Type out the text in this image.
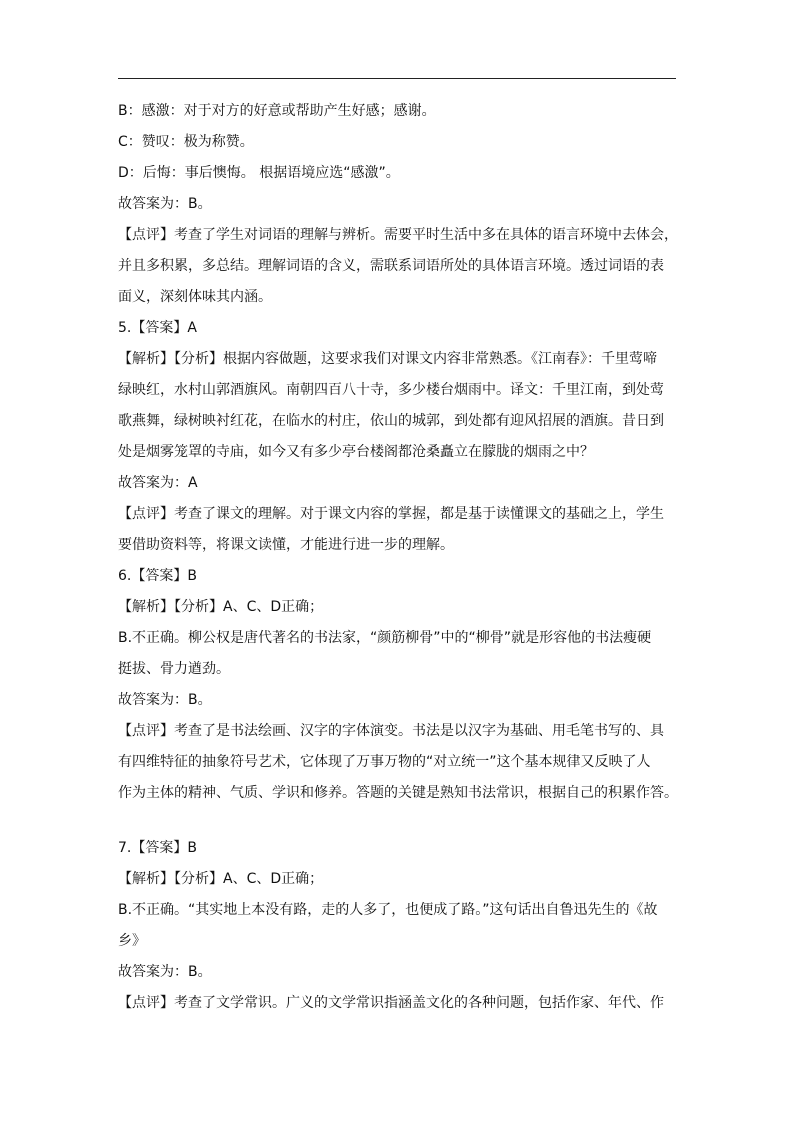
B：感激：对于对方的好意或帮助产生好感；感谢。
C：赞叹：极为称赞。
D：后悔：事后懊悔。 根据语境应选“感激”。
故答案为：B。
【点评】考查了学生对词语的理解与辨析。需要平时生活中多在具体的语言环境中去体会，
并且多积累，多总结。理解词语的含义，需联系词语所处的具体语言环境。透过词语的表
面义，深刻体味其内涵。
5.【答案】A
【解析】【分析】根据内容做题，这要求我们对课文内容非常熟悉。《江南春》：千里莺啼
绿映红，水村山郭酒旗风。南朝四百八十寺，多少楼台烟雨中。译文：千里江南，到处莺
歌燕舞，绿树映衬红花，在临水的村庄，依山的城郭，到处都有迎风招展的酒旗。昔日到
处是烟雾笼罩的寺庙，如今又有多少亭台楼阁都沧桑矗立在朦胧的烟雨之中？
故答案为：A
【点评】考查了课文的理解。对于课文内容的掌握，都是基于读懂课文的基础之上，学生
要借助资料等，将课文读懂，才能进行进一步的理解。
6.【答案】B
【解析】【分析】A、C、D正确；
B.不正确。柳公权是唐代著名的书法家，“颜筋柳骨”中的“柳骨”就是形容他的书法瘦硬
挺拔、骨力遒劲。
故答案为：B。
【点评】考查了是书法绘画、汉字的字体演变。书法是以汉字为基础、用毛笔书写的、具
有四维特征的抽象符号艺术，它体现了万事万物的“对立统一”这个基本规律又反映了人
作为主体的精神、气质、学识和修养。答题的关键是熟知书法常识，根据自己的积累作答。
7.【答案】B
【解析】【分析】A、C、D正确；
B.不正确。“其实地上本没有路，走的人多了，也便成了路。”这句话出自鲁迅先生的《故
乡》
故答案为：B。
【点评】考查了文学常识。广义的文学常识指涵盖文化的各种问题，包括作家、年代、作
